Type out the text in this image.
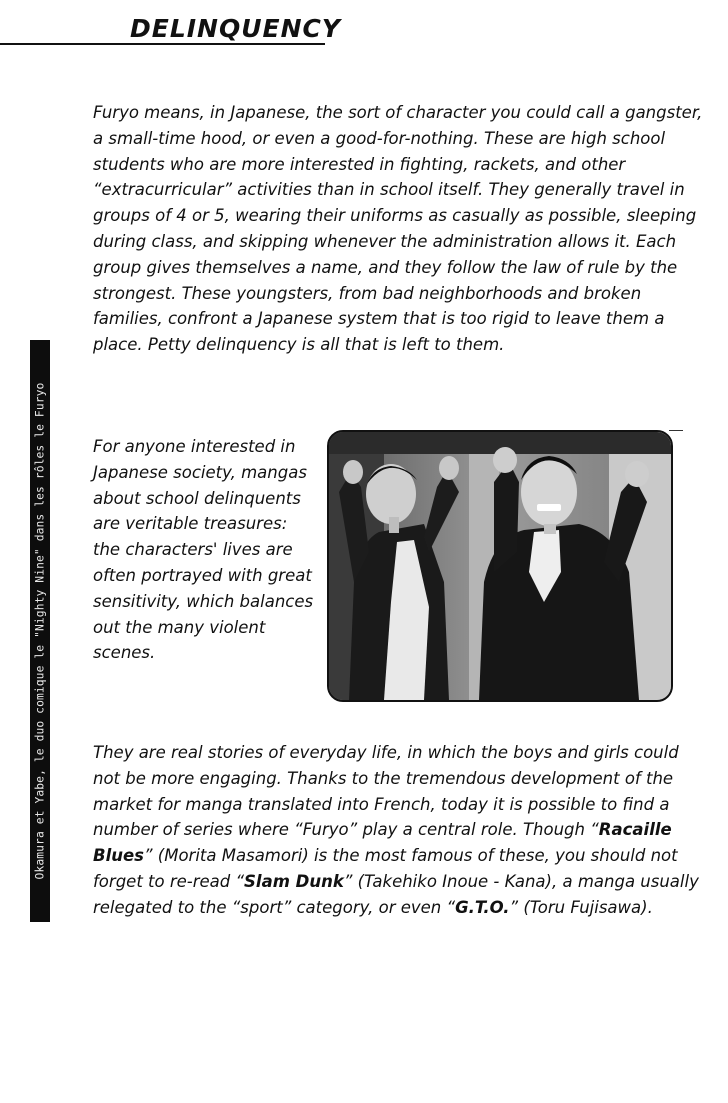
DELINQUENCY

Furyo means, in Japanese, the sort of character you could call a gangster, a small-time hood, or even a good-for-nothing. These are high school students who are more interested in fighting, rackets, and other “extracurricular” activities than in school itself. They generally travel in groups of 4 or 5, wearing their uniforms as casually as possible, sleeping during class, and skipping whenever the administration allows it. Each group gives themselves a name, and they follow the law of rule by the strongest. These youngsters, from bad neighborhoods and broken families, confront a Japanese system that is too rigid to leave them a place. Petty delinquency is all that is left to them.

For anyone interested in Japanese society, mangas about school delinquents are veritable treasures: the characters' lives are often portrayed with great sensitivity, which balances out the many violent scenes.

They are real stories of everyday life, in which the boys and girls could not be more engaging. Thanks to the tremendous development of the market for manga translated into French, today it is possible to find a number of series where “Furyo” play a central role. Though “Racaille Blues” (Morita Masamori) is the most famous of these, you should not forget to re-read “Slam Dunk” (Takehiko Inoue - Kana), a manga usually relegated to the “sport” category, or even “G.T.O.” (Toru Fujisawa).

Okamura et Yabe, le duo comique le "Nighty Nine" dans les rôles le Furyo
